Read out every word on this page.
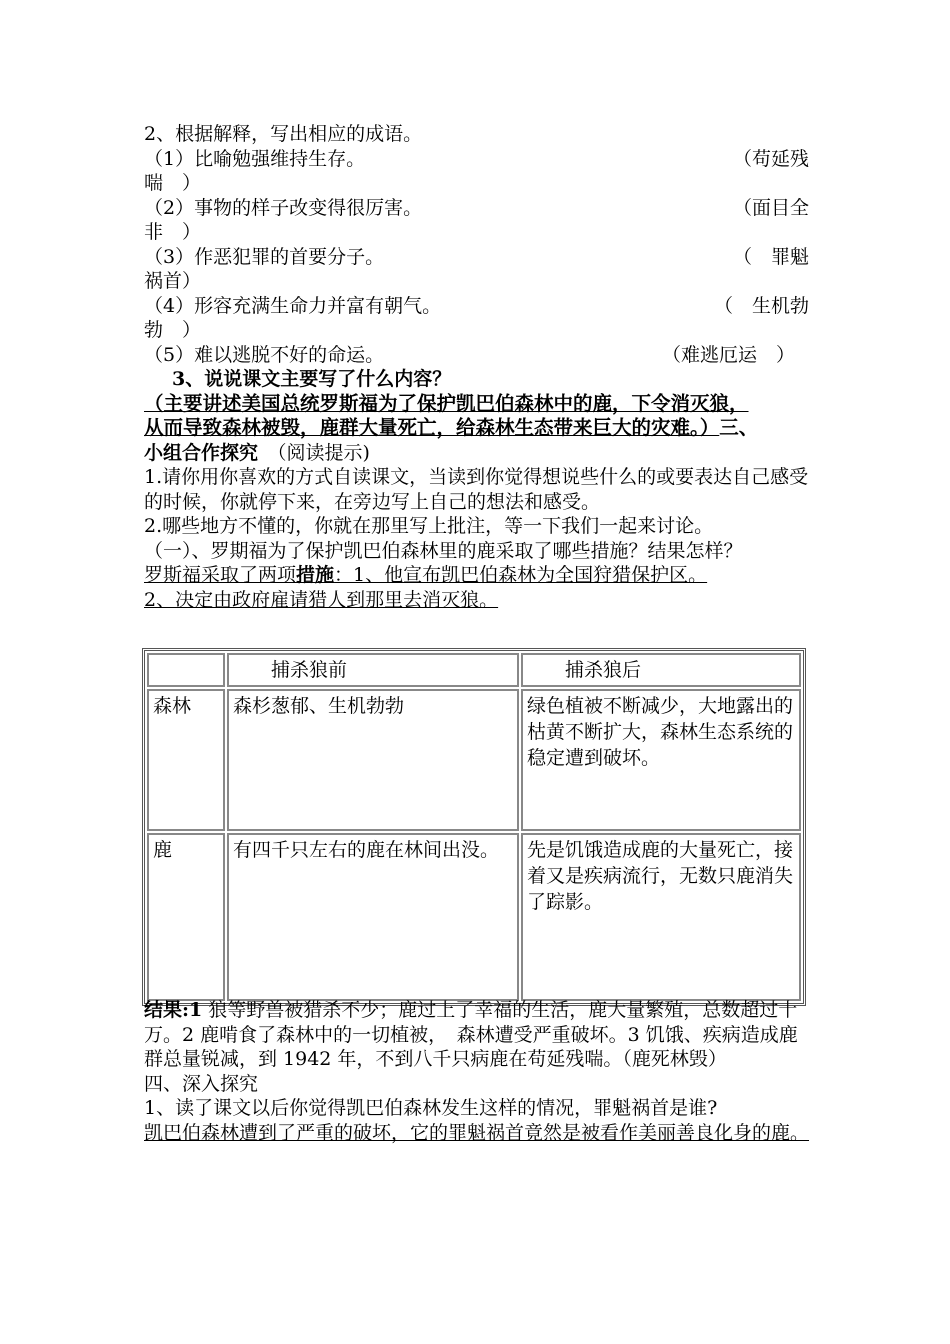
2、根据解释，写出相应的成语。
（1）比喻勉强维持生存。	（苟延残
喘　）
（2）事物的样子改变得很厉害。	（面目全
非　）
（3）作恶犯罪的首要分子。	（　罪魁
祸首）
（4）形容充满生命力并富有朝气。	（　生机勃
勃　）
（5）难以逃脱不好的命运。	（难逃厄运　）
3、说说课文主要写了什么内容？
（主要讲述美国总统罗斯福为了保护凯巴伯森林中的鹿，下令消灭狼，
从而导致森林被毁，鹿群大量死亡，给森林生态带来巨大的灾难。）三、
小组合作探究　（阅读提示)
1.请你用你喜欢的方式自读课文，当读到你觉得想说些什么的或要表达自己感受的时候，你就停下来，在旁边写上自己的想法和感受。
2.哪些地方不懂的，你就在那里写上批注，等一下我们一起来讨论。
（一）、罗期福为了保护凯巴伯森林里的鹿采取了哪些措施？结果怎样？
罗斯福采取了两项措施：1、他宣布凯巴伯森林为全国狩猎保护区。
2、决定由政府雇请猎人到那里去消灭狼。
	　　捕杀狼前	　　捕杀狼后
森林	森杉葱郁、生机勃勃	绿色植被不断减少，大地露出的枯黄不断扩大，森林生态系统的稳定遭到破坏。
鹿	有四千只左右的鹿在林间出没。	先是饥饿造成鹿的大量死亡，接着又是疾病流行，无数只鹿消失了踪影。
结果:1 狼等野兽被猎杀不少；鹿过上了幸福的生活，鹿大量繁殖，总数超过十万。2 鹿啃食了森林中的一切植被，　森林遭受严重破坏。3 饥饿、疾病造成鹿群总量锐减，到 1942 年，不到八千只病鹿在苟延残喘。（鹿死林毁）
四、深入探究
1、读了课文以后你觉得凯巴伯森林发生这样的情况，罪魁祸首是谁?
凯巴伯森林遭到了严重的破坏，它的罪魁祸首竟然是被看作美丽善良化身的鹿。
